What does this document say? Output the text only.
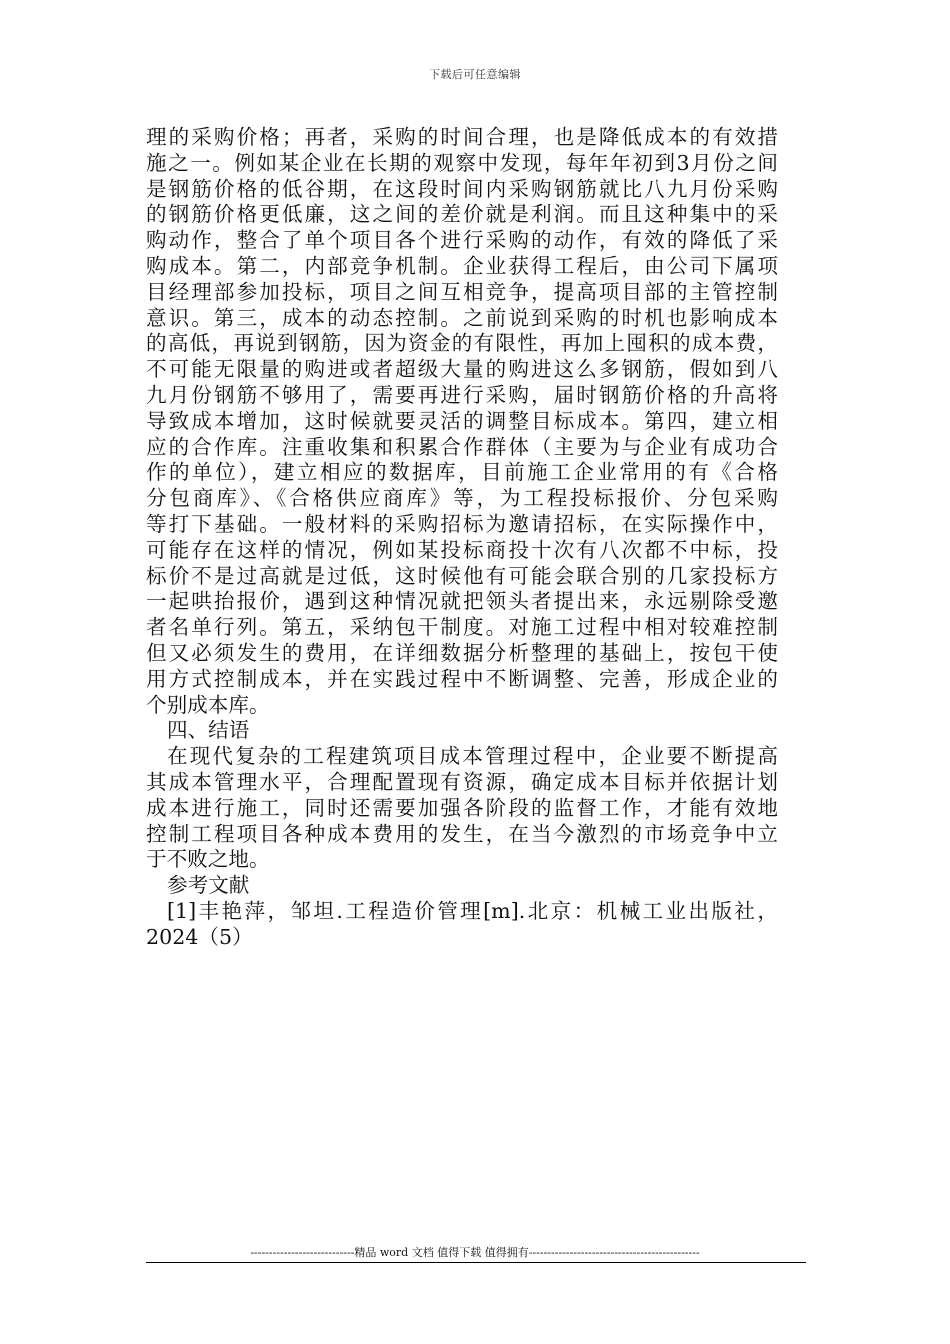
下载后可任意编辑
理的采购价格；再者，采购的时间合理，也是降低成本的有效措
施之一。例如某企业在长期的观察中发现，每年年初到3月份之间
是钢筋价格的低谷期，在这段时间内采购钢筋就比八九月份采购
的钢筋价格更低廉，这之间的差价就是利润。而且这种集中的采
购动作，整合了单个项目各个进行采购的动作，有效的降低了采
购成本。第二，内部竞争机制。企业获得工程后，由公司下属项
目经理部参加投标，项目之间互相竞争，提高项目部的主管控制
意识。第三，成本的动态控制。之前说到采购的时机也影响成本
的高低，再说到钢筋，因为资金的有限性，再加上囤积的成本费，
不可能无限量的购进或者超级大量的购进这么多钢筋，假如到八
九月份钢筋不够用了，需要再进行采购，届时钢筋价格的升高将
导致成本增加，这时候就要灵活的调整目标成本。第四，建立相
应的合作库。注重收集和积累合作群体（主要为与企业有成功合
作的单位），建立相应的数据库，目前施工企业常用的有《合格
分包商库》、《合格供应商库》等，为工程投标报价、分包采购
等打下基础。一般材料的采购招标为邀请招标，在实际操作中，
可能存在这样的情况，例如某投标商投十次有八次都不中标，投
标价不是过高就是过低，这时候他有可能会联合别的几家投标方
一起哄抬报价，遇到这种情况就把领头者提出来，永远剔除受邀
者名单行列。第五，采纳包干制度。对施工过程中相对较难控制
但又必须发生的费用，在详细数据分析整理的基础上，按包干使
用方式控制成本，并在实践过程中不断调整、完善，形成企业的
个别成本库。
四、结语
在现代复杂的工程建筑项目成本管理过程中，企业要不断提高
其成本管理水平，合理配置现有资源，确定成本目标并依据计划
成本进行施工，同时还需要加强各阶段的监督工作，才能有效地
控制工程项目各种成本费用的发生，在当今激烈的市场竞争中立
于不败之地。
参考文献
[1]丰艳萍，邹坦.工程造价管理[m].北京：机械工业出版社，
2024（5）
----------------------------精品 word 文档 值得下载 值得拥有----------------------------------------------
